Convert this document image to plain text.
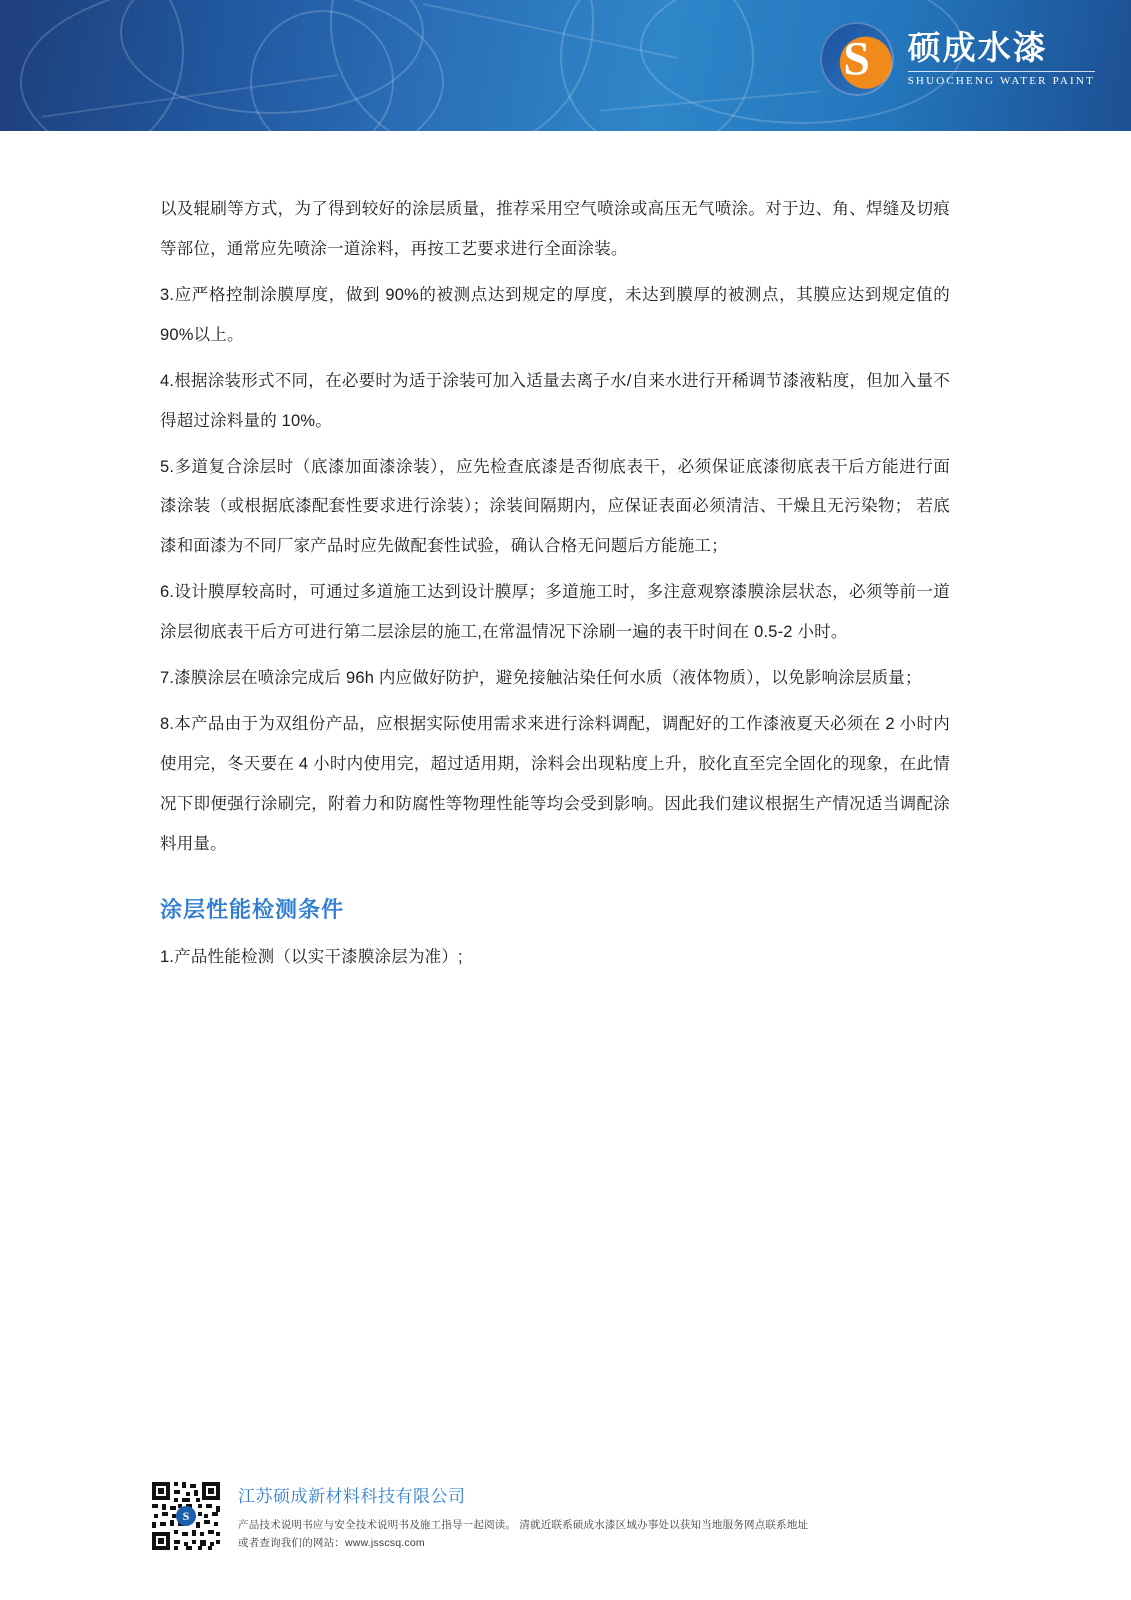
S
硕成水漆
SHUOCHENG WATER PAINT

以及辊刷等方式，为了得到较好的涂层质量，推荐采用空气喷涂或高压无气喷涂。对于边、角、焊缝及切痕等部位，通常应先喷涂一道涂料，再按工艺要求进行全面涂装。

3.应严格控制涂膜厚度，做到 90%的被测点达到规定的厚度，未达到膜厚的被测点，其膜应达到规定值的 90%以上。

4.根据涂装形式不同，在必要时为适于涂装可加入适量去离子水/自来水进行开稀调节漆液粘度，但加入量不得超过涂料量的 10%。

5.多道复合涂层时（底漆加面漆涂装），应先检查底漆是否彻底表干，必须保证底漆彻底表干后方能进行面漆涂装（或根据底漆配套性要求进行涂装）；涂装间隔期内，应保证表面必须清洁、干燥且无污染物； 若底漆和面漆为不同厂家产品时应先做配套性试验，确认合格无问题后方能施工；

6.设计膜厚较高时，可通过多道施工达到设计膜厚；多道施工时，多注意观察漆膜涂层状态，必须等前一道涂层彻底表干后方可进行第二层涂层的施工,在常温情况下涂刷一遍的表干时间在 0.5-2 小时。

7.漆膜涂层在喷涂完成后 96h 内应做好防护，避免接触沾染任何水质（液体物质），以免影响涂层质量；

8.本产品由于为双组份产品，应根据实际使用需求来进行涂料调配，调配好的工作漆液夏天必须在 2 小时内使用完，冬天要在 4 小时内使用完，超过适用期，涂料会出现粘度上升，胶化直至完全固化的现象，在此情况下即便强行涂刷完，附着力和防腐性等物理性能等均会受到影响。因此我们建议根据生产情况适当调配涂料用量。

涂层性能检测条件

1.产品性能检测（以实干漆膜涂层为准）;

S
江苏硕成新材料科技有限公司
产品技术说明书应与安全技术说明书及施工指导一起阅读。 清就近联系硕成水漆区域办事处以获知当地服务网点联系地址
或者查询我们的网站：www.jsscsq.com
